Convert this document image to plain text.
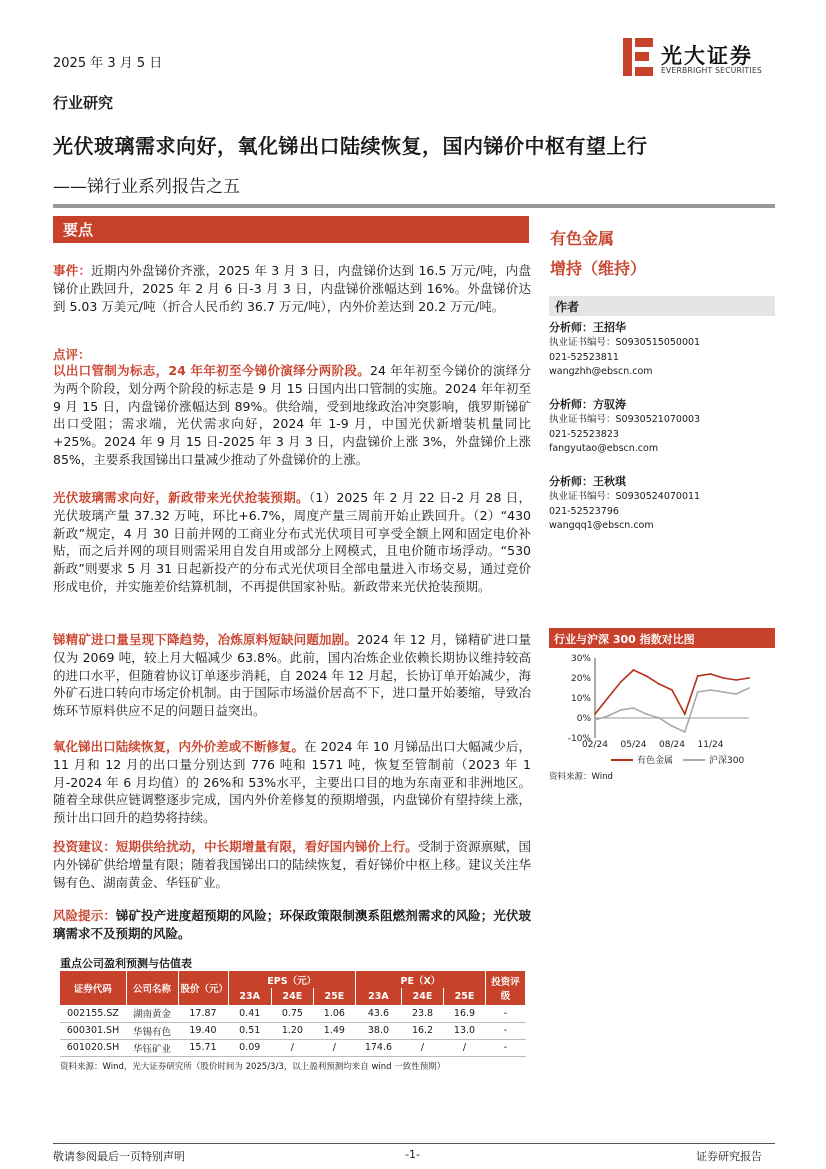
2025 年 3 月 5 日	光大证券
EVERBRIGHT SECURITIES
行业研究
光伏玻璃需求向好，氧化锑出口陆续恢复，国内锑价中枢有望上行
——锑行业系列报告之五
要点
事件：近期内外盘锑价齐涨，2025 年 3 月 3 日，内盘锑价达到 16.5 万元/吨，内盘锑价止跌回升，2025 年 2 月 6 日-3 月 3 日，内盘锑价涨幅达到 16%。外盘锑价达到 5.03 万美元/吨（折合人民币约 36.7 万元/吨），内外价差达到 20.2 万元/吨。
点评：
以出口管制为标志，24 年年初至今锑价演绎分两阶段。24 年年初至今锑价的演绎分为两个阶段，划分两个阶段的标志是 9 月 15 日国内出口管制的实施。2024 年年初至 9 月 15 日，内盘锑价涨幅达到 89%。供给端，受到地缘政治冲突影响，俄罗斯锑矿出口受阻；需求端，光伏需求向好，2024 年 1-9 月，中国光伏新增装机量同比+25%。2024 年 9 月 15 日-2025 年 3 月 3 日，内盘锑价上涨 3%，外盘锑价上涨 85%，主要系我国锑出口量减少推动了外盘锑价的上涨。
光伏玻璃需求向好，新政带来光伏抢装预期。（1）2025 年 2 月 22 日-2 月 28 日，光伏玻璃产量 37.32 万吨，环比+6.7%，周度产量三周前开始止跌回升。（2）“430 新政”规定，4 月 30 日前并网的工商业分布式光伏项目可享受全额上网和固定电价补贴，而之后并网的项目则需采用自发自用或部分上网模式，且电价随市场浮动。“530 新政”则要求 5 月 31 日起新投产的分布式光伏项目全部电量进入市场交易，通过竞价形成电价，并实施差价结算机制，不再提供国家补贴。新政带来光伏抢装预期。
锑精矿进口量呈现下降趋势，冶炼原料短缺问题加剧。2024 年 12 月，锑精矿进口量仅为 2069 吨，较上月大幅减少 63.8%。此前，国内冶炼企业依赖长期协议维持较高的进口水平，但随着协议订单逐步消耗，自 2024 年 12 月起，长协订单开始减少，海外矿石进口转向市场定价机制。由于国际市场溢价居高不下，进口量开始萎缩，导致冶炼环节原料供应不足的问题日益突出。
氧化锑出口陆续恢复，内外价差或不断修复。在 2024 年 10 月锑品出口大幅减少后，11 月和 12 月的出口量分别达到 776 吨和 1571 吨，恢复至管制前（2023 年 1 月-2024 年 6 月均值）的 26%和 53%水平，主要出口目的地为东南亚和非洲地区。随着全球供应链调整逐步完成，国内外价差修复的预期增强，内盘锑价有望持续上涨，预计出口回升的趋势将持续。
投资建议：短期供给扰动，中长期增量有限，看好国内锑价上行。受制于资源禀赋，国内外锑矿供给增量有限；随着我国锑出口的陆续恢复，看好锑价中枢上移。建议关注华锡有色、湖南黄金、华钰矿业。
风险提示：锑矿投产进度超预期的风险；环保政策限制澳系阻燃剂需求的风险；光伏玻璃需求不及预期的风险。
有色金属
增持（维持）
作者
分析师：王招华
执业证书编号：S0930515050001
021-52523811
wangzhh@ebscn.com
分析师：方驭涛
执业证书编号：S0930521070003
021-52523823
fangyutao@ebscn.com
分析师：王秋琪
执业证书编号：S0930524070011
021-52523796
wangqq1@ebscn.com
行业与沪深 300 指数对比图
30%
20%
10%
0%
-10%
02/24 05/24 08/24 11/24
有色金属	沪深300
资料来源：Wind
重点公司盈利预测与估值表
证券代码	公司名称	股价（元）	EPS（元）			PE（X）			投资评级
			23A	24E	25E	23A	24E	25E	
002155.SZ	湖南黄金	17.87	0.41	0.75	1.06	43.6	23.8	16.9	-
600301.SH	华锡有色	19.40	0.51	1.20	1.49	38.0	16.2	13.0	-
601020.SH	华钰矿业	15.71	0.09	/	/	174.6	/	/	-
资料来源：Wind，光大证券研究所（股价时间为 2025/3/3，以上盈利预测均来自 wind 一致性预期）
敬请参阅最后一页特别声明	-1-	证券研究报告
